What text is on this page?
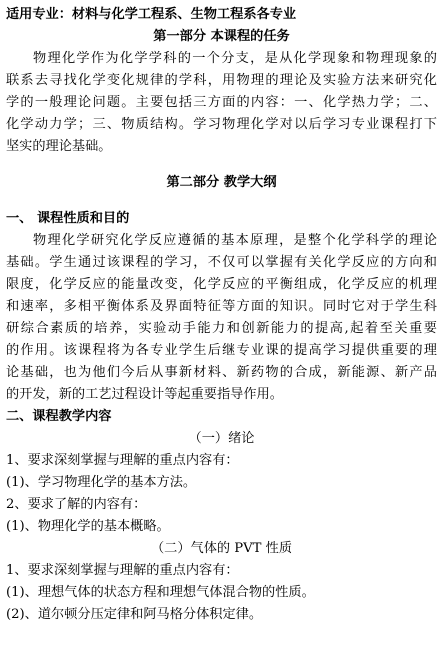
适用专业：材料与化学工程系、生物工程系各专业
第一部分 本课程的任务
物理化学作为化学学科的一个分支，是从化学现象和物理现象的
联系去寻找化学变化规律的学科，用物理的理论及实验方法来研究化
学的一般理论问题。主要包括三方面的内容：一、化学热力学；二、
化学动力学；三、物质结构。学习物理化学对以后学习专业课程打下
坚实的理论基础。
第二部分 教学大纲
一、 课程性质和目的
物理化学研究化学反应遵循的基本原理，是整个化学科学的理论
基础。学生通过该课程的学习，不仅可以掌握有关化学反应的方向和
限度，化学反应的能量改变，化学反应的平衡组成，化学反应的机理
和速率，多相平衡体系及界面特征等方面的知识。同时它对于学生科
研综合素质的培养，实验动手能力和创新能力的提高,起着至关重要
的作用。该课程将为各专业学生后继专业课的提高学习提供重要的理
论基础，也为他们今后从事新材料、新药物的合成，新能源、新产品
的开发，新的工艺过程设计等起重要指导作用。
二、课程教学内容
（一）绪论
1、要求深刻掌握与理解的重点内容有：
(1)、学习物理化学的基本方法。
2、要求了解的内容有：
(1)、物理化学的基本概略。
（二）气体的 PVT 性质
1、要求深刻掌握与理解的重点内容有：
(1)、理想气体的状态方程和理想气体混合物的性质。
(2)、道尔顿分压定律和阿马格分体积定律。
